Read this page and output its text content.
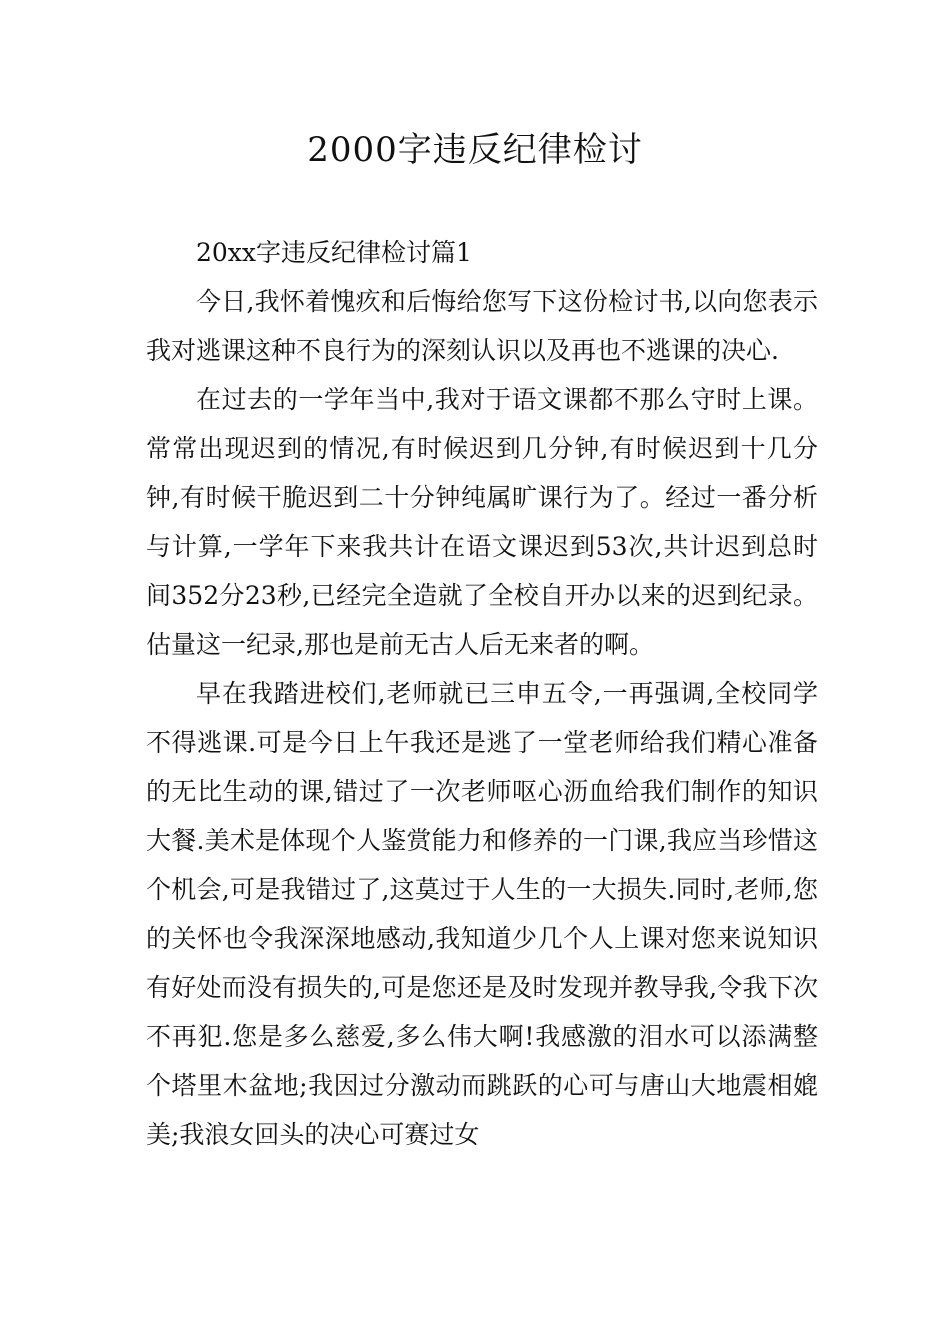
2000字违反纪律检讨

20xx字违反纪律检讨篇1

今日,我怀着愧疚和后悔给您写下这份检讨书,以向您表示我对逃课这种不良行为的深刻认识以及再也不逃课的决心.

在过去的一学年当中,我对于语文课都不那么守时上课。常常出现迟到的情况,有时候迟到几分钟,有时候迟到十几分钟,有时候干脆迟到二十分钟纯属旷课行为了。经过一番分析与计算,一学年下来我共计在语文课迟到53次,共计迟到总时间352分23秒,已经完全造就了全校自开办以来的迟到纪录。估量这一纪录,那也是前无古人后无来者的啊。

早在我踏进校们,老师就已三申五令,一再强调,全校同学不得逃课.可是今日上午我还是逃了一堂老师给我们精心准备的无比生动的课,错过了一次老师呕心沥血给我们制作的知识大餐.美术是体现个人鉴赏能力和修养的一门课,我应当珍惜这个机会,可是我错过了,这莫过于人生的一大损失.同时,老师,您的关怀也令我深深地感动,我知道少几个人上课对您来说知识有好处而没有损失的,可是您还是及时发现并教导我,令我下次不再犯.您是多么慈爱,多么伟大啊!我感激的泪水可以添满整个塔里木盆地;我因过分激动而跳跃的心可与唐山大地震相媲美;我浪女回头的决心可赛过女
